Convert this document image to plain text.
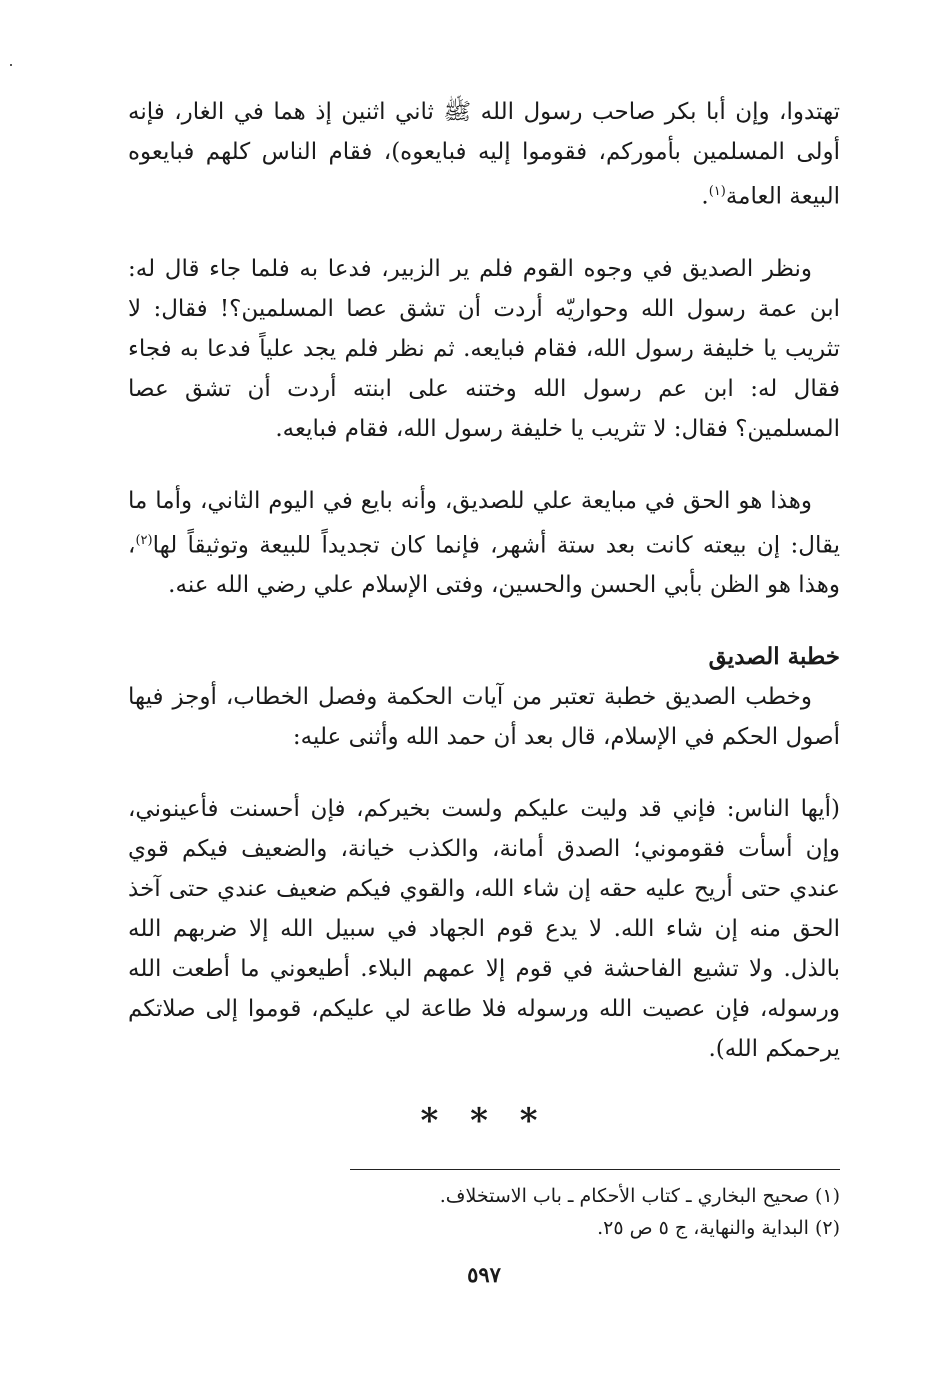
تهتدوا، وإن أبا بكر صاحب رسول الله ﷺ ثاني اثنين إذ هما في الغار، فإنه أولى المسلمين بأموركم، فقوموا إليه فبايعوه)، فقام الناس كلهم فبايعوه البيعة العامة$^{(١)}$.

ونظر الصديق في وجوه القوم فلم ير الزبير، فدعا به فلما جاء قال له: ابن عمة رسول الله وحواريّه أردت أن تشق عصا المسلمين؟! فقال: لا تثريب يا خليفة رسول الله، فقام فبايعه. ثم نظر فلم يجد علياً فدعا به فجاء فقال له: ابن عم رسول الله وختنه على ابنته أردت أن تشق عصا المسلمين؟ فقال: لا تثريب يا خليفة رسول الله، فقام فبايعه.

وهذا هو الحق في مبايعة علي للصديق، وأنه بايع في اليوم الثاني، وأما ما يقال: إن بيعته كانت بعد ستة أشهر، فإنما كان تجديداً للبيعة وتوثيقاً لها$^{(٢)}$، وهذا هو الظن بأبي الحسن والحسين، وفتى الإسلام علي رضي الله عنه.

خطبة الصديق

وخطب الصديق خطبة تعتبر من آيات الحكمة وفصل الخطاب، أوجز فيها أصول الحكم في الإسلام، قال بعد أن حمد الله وأثنى عليه:

(أيها الناس: فإني قد وليت عليكم ولست بخيركم، فإن أحسنت فأعينوني، وإن أسأت فقوموني؛ الصدق أمانة، والكذب خيانة، والضعيف فيكم قوي عندي حتى أريح عليه حقه إن شاء الله، والقوي فيكم ضعيف عندي حتى آخذ الحق منه إن شاء الله. لا يدع قوم الجهاد في سبيل الله إلا ضربهم الله بالذل. ولا تشيع الفاحشة في قوم إلا عمهم البلاء. أطيعوني ما أطعت الله ورسوله، فإن عصيت الله ورسوله فلا طاعة لي عليكم، قوموا إلى صلاتكم يرحمكم الله).

* * *
(١) صحيح البخاري ـ كتاب الأحكام ـ باب الاستخلاف.
(٢) البداية والنهاية، ج ٥ ص ٢٥.
٥٩٧
